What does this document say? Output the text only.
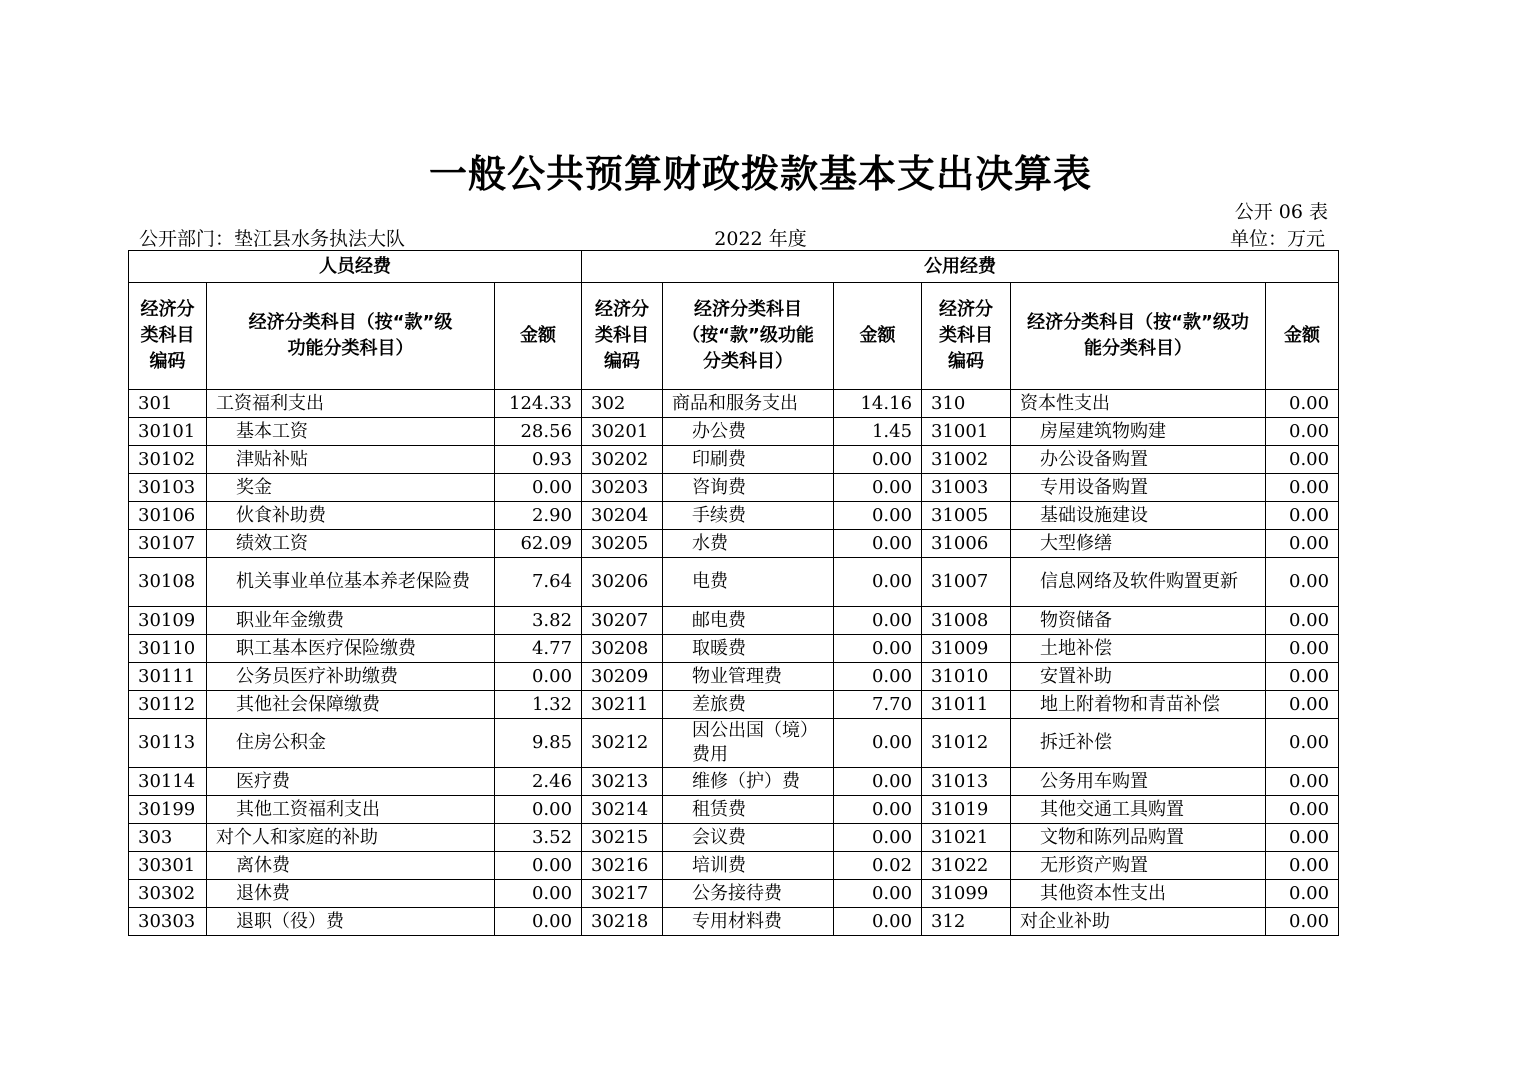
一般公共预算财政拨款基本支出决算表
公开 06 表
公开部门：垫江县水务执法大队	2022 年度	单位：万元
人员经费			公用经费					
经济分类科目编码	经济分类科目（按“款”级功能分类科目）	金额	经济分类科目编码	经济分类科目（按“款”级功能分类科目）	金额	经济分类科目编码	经济分类科目（按“款”级功能分类科目）	金额
301	工资福利支出	124.33	302	商品和服务支出	14.16	310	资本性支出	0.00
30101	基本工资	28.56	30201	办公费	1.45	31001	房屋建筑物购建	0.00
30102	津贴补贴	0.93	30202	印刷费	0.00	31002	办公设备购置	0.00
30103	奖金	0.00	30203	咨询费	0.00	31003	专用设备购置	0.00
30106	伙食补助费	2.90	30204	手续费	0.00	31005	基础设施建设	0.00
30107	绩效工资	62.09	30205	水费	0.00	31006	大型修缮	0.00
30108	机关事业单位基本养老保险费	7.64	30206	电费	0.00	31007	信息网络及软件购置更新	0.00
30109	职业年金缴费	3.82	30207	邮电费	0.00	31008	物资储备	0.00
30110	职工基本医疗保险缴费	4.77	30208	取暖费	0.00	31009	土地补偿	0.00
30111	公务员医疗补助缴费	0.00	30209	物业管理费	0.00	31010	安置补助	0.00
30112	其他社会保障缴费	1.32	30211	差旅费	7.70	31011	地上附着物和青苗补偿	0.00
30113	住房公积金	9.85	30212	因公出国（境）费用	0.00	31012	拆迁补偿	0.00
30114	医疗费	2.46	30213	维修（护）费	0.00	31013	公务用车购置	0.00
30199	其他工资福利支出	0.00	30214	租赁费	0.00	31019	其他交通工具购置	0.00
303	对个人和家庭的补助	3.52	30215	会议费	0.00	31021	文物和陈列品购置	0.00
30301	离休费	0.00	30216	培训费	0.02	31022	无形资产购置	0.00
30302	退休费	0.00	30217	公务接待费	0.00	31099	其他资本性支出	0.00
30303	退职（役）费	0.00	30218	专用材料费	0.00	312	对企业补助	0.00
